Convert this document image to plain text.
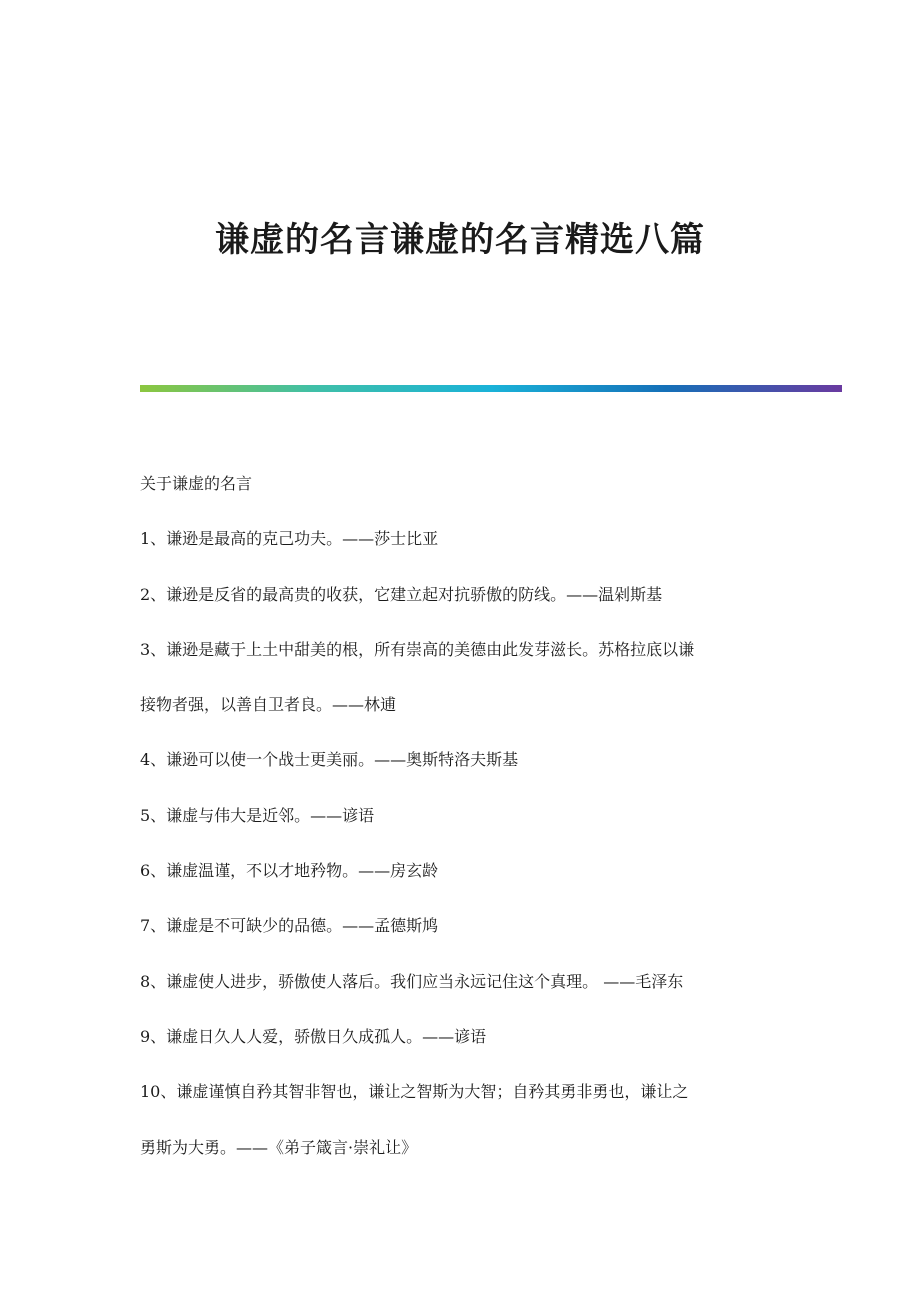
谦虚的名言谦虚的名言精选八篇

关于谦虚的名言

1、谦逊是最高的克己功夫。——莎士比亚

2、谦逊是反省的最高贵的收获，它建立起对抗骄傲的防线。——温剁斯基

3、谦逊是藏于上土中甜美的根，所有崇高的美德由此发芽滋长。苏格拉底以谦

接物者强，以善自卫者良。——林逋

4、谦逊可以使一个战士更美丽。——奥斯特洛夫斯基

5、谦虚与伟大是近邻。——谚语

6、谦虚温谨，不以才地矜物。——房玄龄

7、谦虚是不可缺少的品德。——孟德斯鸠

8、谦虚使人进步，骄傲使人落后。我们应当永远记住这个真理。 ——毛泽东

9、谦虚日久人人爱，骄傲日久成孤人。——谚语

10、谦虚谨慎自矜其智非智也，谦让之智斯为大智；自矜其勇非勇也，谦让之

勇斯为大勇。——《弟子箴言·崇礼让》
